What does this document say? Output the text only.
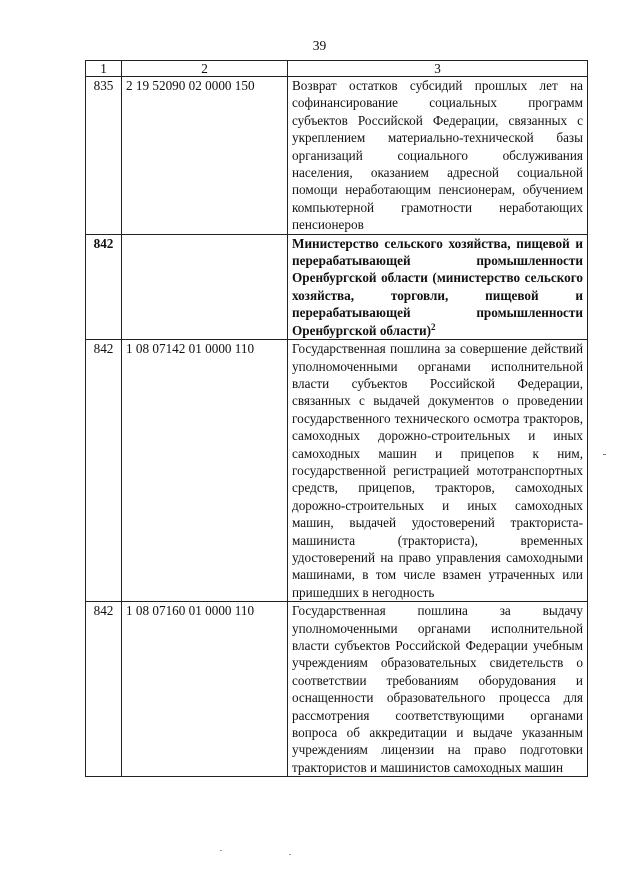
39
1	2	3
835	2 19 52090 02 0000 150	Возврат остатков субсидий прошлых лет на софинансирование социальных программ субъектов Российской Федерации, связанных с укреплением материально-технической базы организаций социального обслуживания населения, оказанием адресной социальной помощи неработающим пенсионерам, обучением компьютерной грамотности неработающих пенсионеров
842		Министерство сельского хозяйства, пищевой и перерабатывающей промышленности Оренбургской области (министерство сельского хозяйства, торговли, пищевой и перерабатывающей промышленности Оренбургской области)$^2$
842	1 08 07142 01 0000 110	Государственная пошлина за совершение действий уполномоченными органами исполнительной власти субъектов Российской Федерации, связанных с выдачей документов о проведении государственного технического осмотра тракторов, самоходных дорожно-строительных и иных самоходных машин и прицепов к ним, государственной регистрацией мототранспортных средств, прицепов, тракторов, самоходных дорожно-строительных и иных самоходных машин, выдачей удостоверений тракториста-машиниста (тракториста), временных удостоверений на право управления самоходными машинами, в том числе взамен утраченных или пришедших в негодность
842	1 08 07160 01 0000 110	Государственная пошлина за выдачу уполномоченными органами исполнительной власти субъектов Российской Федерации учебным учреждениям образовательных свидетельств о соответствии требованиям оборудования и оснащенности образовательного процесса для рассмотрения соответствующими органами вопроса об аккредитации и выдаче указанным учреждениям лицензии на право подготовки трактористов и машинистов самоходных машин
